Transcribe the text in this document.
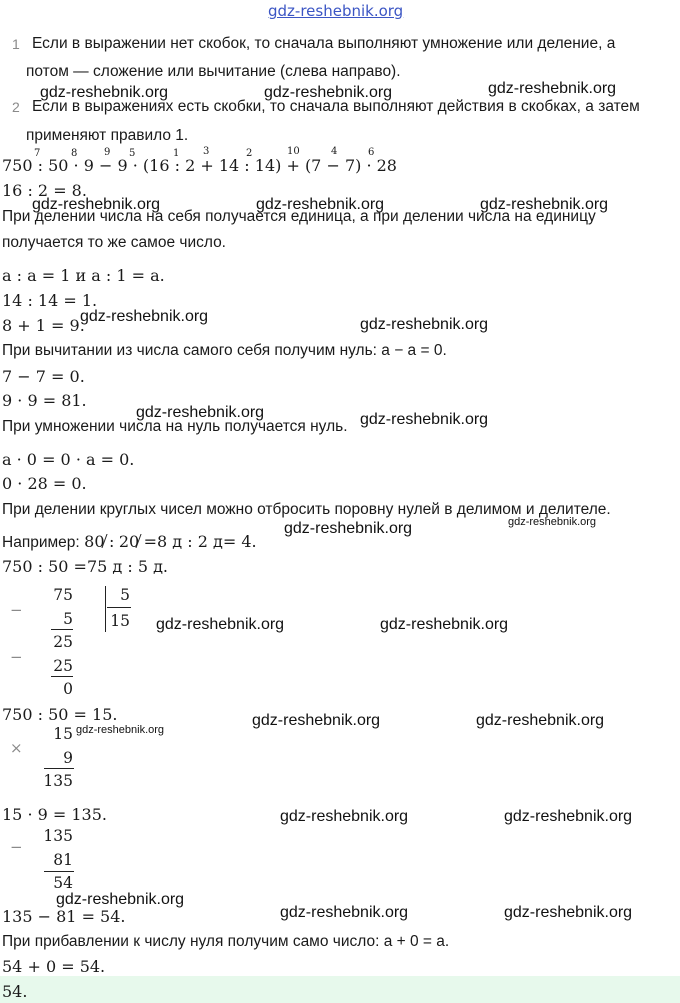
gdz-reshebnik.org
1 Если в выражении нет скобок, то сначала выполняют умножение или деление, а
потом — сложение или вычитание (слева направо).
2 Если в выражениях есть скобки, то сначала выполняют действия в скобках, а затем
применяют правило 1.
750 : 50 · 9 − 9 · (16 : 2 + 14 : 14) + (7 − 7) · 28
7	8	9 5	1 3	2	10	4	6
16 : 2 = 8.
При делении числа на себя получается единица, а при делении числа на единицу
получается то же самое число.
a : a = 1 и a : 1 = a.
14 : 14 = 1.
8 + 1 = 9.
При вычитании из числа самого себя получим нуль: a − a = 0.
7 − 7 = 0.
9 · 9 = 81.
При умножении числа на нуль получается нуль.
a · 0 = 0 · a = 0.
0 · 28 = 0.
При делении круглых чисел можно отбросить поровну нулей в делимом и делителе.
Например: 80 : 20 =8 д : 2 д= 4.
750 : 50 =75 д : 5 д.
−
−
75
5
25
25
0
5
15
750 : 50 = 15.
×
15
9
135
15 · 9 = 135.
−
135
81
54
135 − 81 = 54.
При прибавлении к числу нуля получим само число: a + 0 = a.
54 + 0 = 54.
54.
gdz-reshebnik.org	gdz-reshebnik.org	gdz-reshebnik.org
gdz-reshebnik.org	gdz-reshebnik.org	gdz-reshebnik.org
gdz-reshebnik.org	gdz-reshebnik.org
gdz-reshebnik.org	gdz-reshebnik.org
gdz-reshebnik.org	gdz-reshebnik.org
gdz-reshebnik.org	gdz-reshebnik.org
gdz-reshebnik.org	gdz-reshebnik.org
gdz-reshebnik.org
gdz-reshebnik.org	gdz-reshebnik.org
gdz-reshebnik.org
gdz-reshebnik.org	gdz-reshebnik.org
